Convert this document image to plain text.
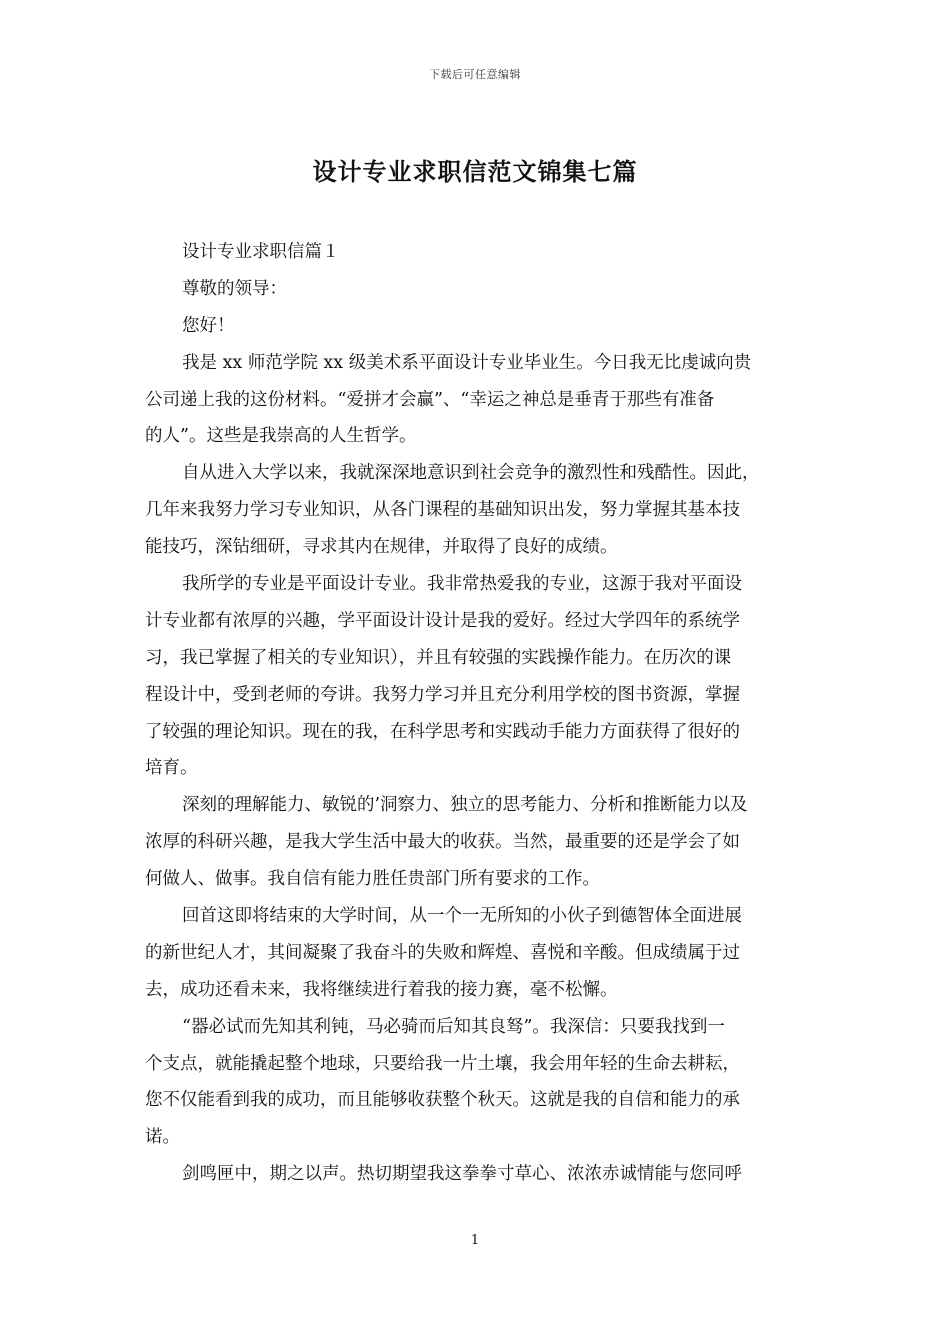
下载后可任意编辑
设计专业求职信范文锦集七篇
设计专业求职信篇１
尊敬的领导：
您好！
我是 xx 师范学院 xx 级美术系平面设计专业毕业生。今日我无比虔诚向贵
公司递上我的这份材料。“爱拼才会赢”、“幸运之神总是垂青于那些有准备
的人”。这些是我崇高的人生哲学。
自从进入大学以来，我就深深地意识到社会竞争的激烈性和残酷性。因此，
几年来我努力学习专业知识，从各门课程的基础知识出发，努力掌握其基本技
能技巧，深钻细研，寻求其内在规律，并取得了良好的成绩。
我所学的专业是平面设计专业。我非常热爱我的专业，这源于我对平面设
计专业都有浓厚的兴趣，学平面设计设计是我的爱好。经过大学四年的系统学
习，我已掌握了相关的专业知识），并且有较强的实践操作能力。在历次的课
程设计中，受到老师的夸讲。我努力学习并且充分利用学校的图书资源，掌握
了较强的理论知识。现在的我，在科学思考和实践动手能力方面获得了很好的
培育。
深刻的理解能力、敏锐的’洞察力、独立的思考能力、分析和推断能力以及
浓厚的科研兴趣，是我大学生活中最大的收获。当然，最重要的还是学会了如
何做人、做事。我自信有能力胜任贵部门所有要求的工作。
回首这即将结束的大学时间，从一个一无所知的小伙子到德智体全面进展
的新世纪人才，其间凝聚了我奋斗的失败和辉煌、喜悦和辛酸。但成绩属于过
去，成功还看未来，我将继续进行着我的接力赛，毫不松懈。
“器必试而先知其利钝，马必骑而后知其良驽”。我深信：只要我找到一
个支点，就能撬起整个地球，只要给我一片土壤，我会用年轻的生命去耕耘，
您不仅能看到我的成功，而且能够收获整个秋天。这就是我的自信和能力的承
诺。
剑鸣匣中，期之以声。热切期望我这拳拳寸草心、浓浓赤诚情能与您同呼
1
